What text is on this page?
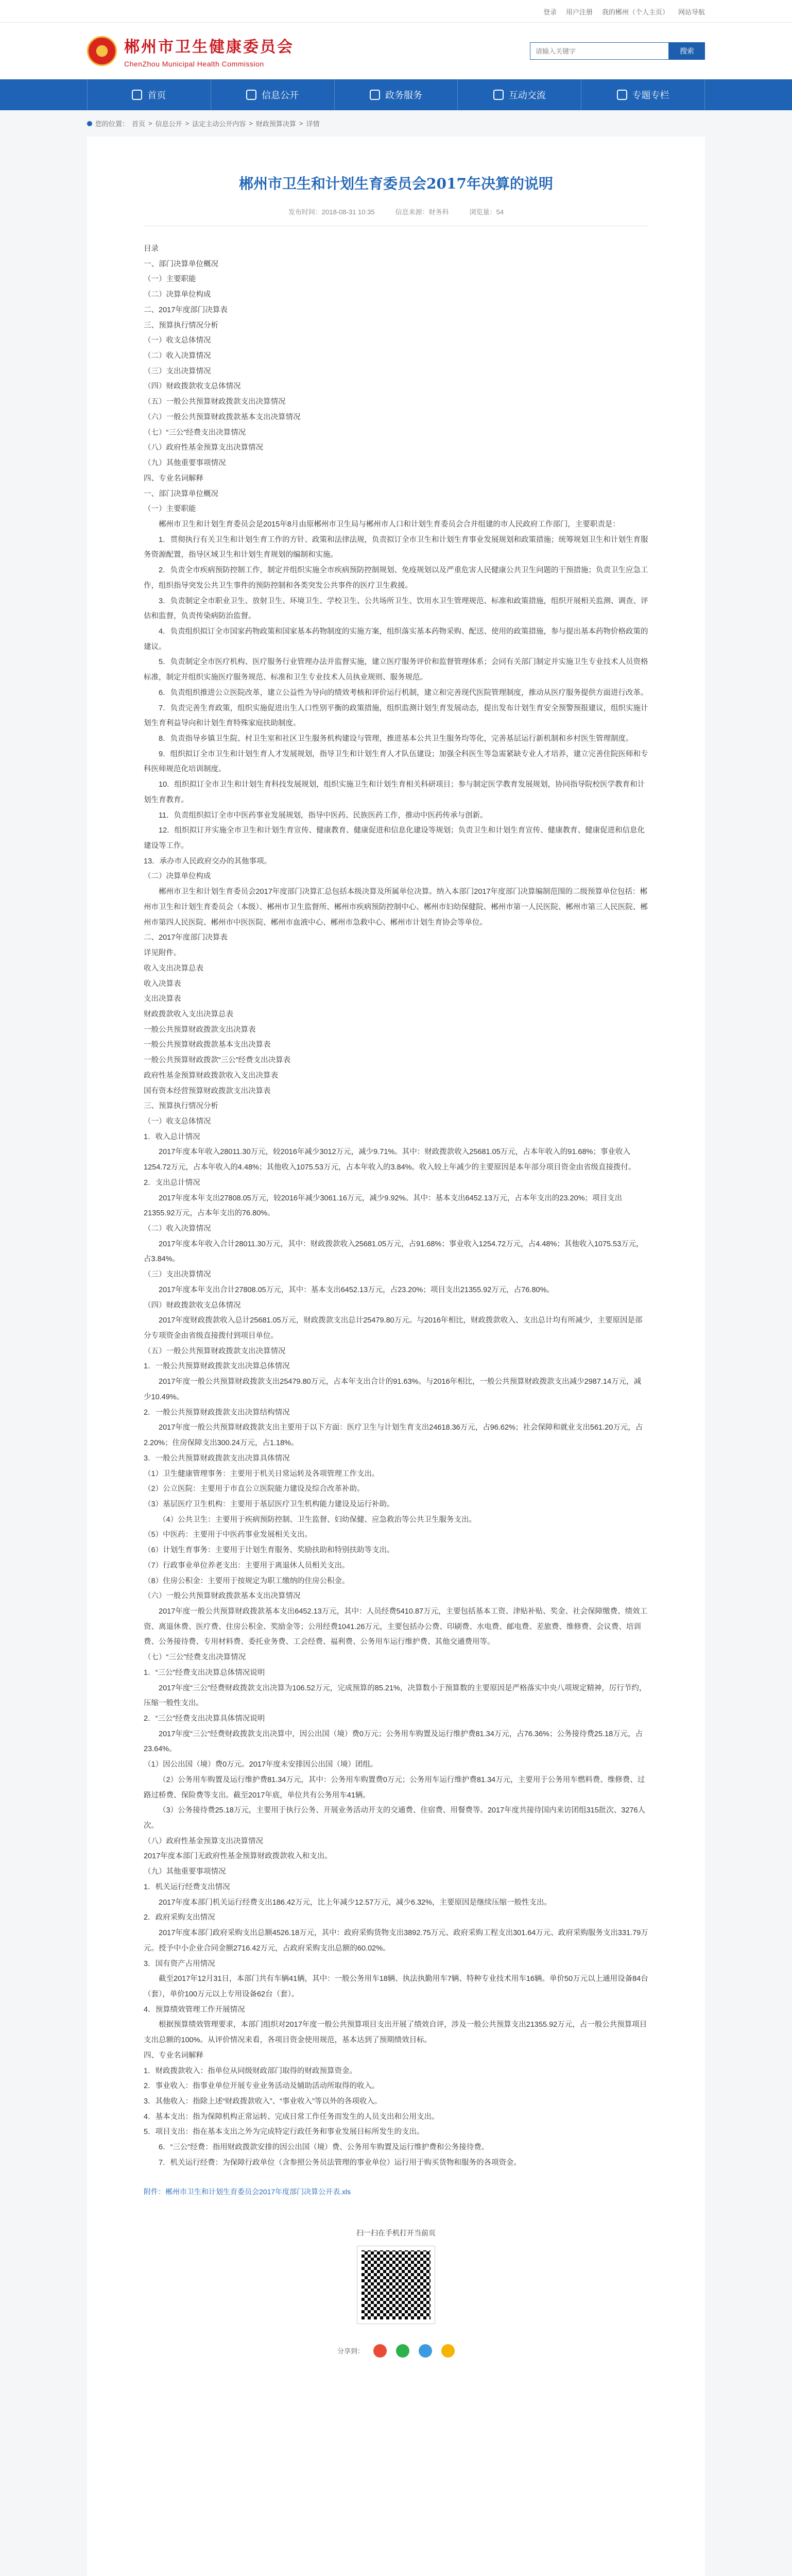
登录 用户注册 我的郴州（个人主页） 网站导航
郴州市卫生健康委员会
ChenZhou Municipal Health Commission
请输入关键字
搜索
首页	信息公开	政务服务	互动交流	专题专栏
您的位置： 首页 > 信息公开 > 法定主动公开内容 > 财政预算决算 > 详情
郴州市卫生和计划生育委员会2017年决算的说明
发布时间：2018-08-31 10:35	信息来源：财务科	浏览量：54

目录

一、部门决算单位概况

（一）主要职能

（二）决算单位构成

二、2017年度部门决算表

三、预算执行情况分析

（一）收支总体情况

（二）收入决算情况

（三）支出决算情况

（四）财政拨款收支总体情况

（五）一般公共预算财政拨款支出决算情况

（六）一般公共预算财政拨款基本支出决算情况

（七）“三公”经费支出决算情况

（八）政府性基金预算支出决算情况

（九）其他重要事项情况

四、专业名词解释

一、部门决算单位概况

（一）主要职能

郴州市卫生和计划生育委员会是2015年8月由原郴州市卫生局与郴州市人口和计划生育委员会合并组建的市人民政府工作部门，主要职责是：

1．贯彻执行有关卫生和计划生育工作的方针、政策和法律法规，负责拟订全市卫生和计划生育事业发展规划和政策措施；统筹规划卫生和计划生育服务资源配置，指导区域卫生和计划生育规划的编制和实施。

2．负责全市疾病预防控制工作，制定并组织实施全市疾病预防控制规划、免疫规划以及严重危害人民健康公共卫生问题的干预措施；负责卫生应急工作，组织指导突发公共卫生事件的预防控制和各类突发公共事件的医疗卫生救援。

3．负责制定全市职业卫生、放射卫生、环境卫生、学校卫生、公共场所卫生、饮用水卫生管理规范、标准和政策措施，组织开展相关监测、调查、评估和监督，负责传染病防治监督。

4．负责组织拟订全市国家药物政策和国家基本药物制度的实施方案，组织落实基本药物采购、配送、使用的政策措施，参与提出基本药物价格政策的建议。

5．负责制定全市医疗机构、医疗服务行业管理办法并监督实施，建立医疗服务评价和监督管理体系；会同有关部门制定并实施卫生专业技术人员资格标准，制定并组织实施医疗服务规范、标准和卫生专业技术人员执业规则、服务规范。

6．负责组织推进公立医院改革，建立公益性为导向的绩效考核和评价运行机制，建立和完善现代医院管理制度，推动从医疗服务提供方面进行改革。

7．负责完善生育政策，组织实施促进出生人口性别平衡的政策措施，组织监测计划生育发展动态，提出发布计划生育安全预警预报建议，组织实施计划生育利益导向和计划生育特殊家庭扶助制度。

8．负责指导乡镇卫生院、村卫生室和社区卫生服务机构建设与管理，推进基本公共卫生服务均等化，完善基层运行新机制和乡村医生管理制度。

9．组织拟订全市卫生和计划生育人才发展规划，指导卫生和计划生育人才队伍建设；加强全科医生等急需紧缺专业人才培养，建立完善住院医师和专科医师规范化培训制度。

10．组织拟订全市卫生和计划生育科技发展规划，组织实施卫生和计划生育相关科研项目；参与制定医学教育发展规划，协同指导院校医学教育和计划生育教育。

11．负责组织拟订全市中医药事业发展规划，指导中医药、民族医药工作，推动中医药传承与创新。

12．组织拟订并实施全市卫生和计划生育宣传、健康教育、健康促进和信息化建设等规划；负责卫生和计划生育宣传、健康教育、健康促进和信息化建设等工作。

13．承办市人民政府交办的其他事项。

（二）决算单位构成

郴州市卫生和计划生育委员会2017年度部门决算汇总包括本级决算及所属单位决算。纳入本部门2017年度部门决算编制范围的二级预算单位包括：郴州市卫生和计划生育委员会（本级）、郴州市卫生监督所、郴州市疾病预防控制中心、郴州市妇幼保健院、郴州市第一人民医院、郴州市第三人民医院、郴州市第四人民医院、郴州市中医医院、郴州市血液中心、郴州市急救中心、郴州市计划生育协会等单位。

二、2017年度部门决算表

详见附件。

收入支出决算总表

收入决算表

支出决算表

财政拨款收入支出决算总表

一般公共预算财政拨款支出决算表

一般公共预算财政拨款基本支出决算表

一般公共预算财政拨款“三公”经费支出决算表

政府性基金预算财政拨款收入支出决算表

国有资本经营预算财政拨款支出决算表

三、预算执行情况分析

（一）收支总体情况

1．收入总计情况

2017年度本年收入28011.30万元，较2016年减少3012万元，减少9.71%。其中：财政拨款收入25681.05万元，占本年收入的91.68%；事业收入1254.72万元，占本年收入的4.48%；其他收入1075.53万元，占本年收入的3.84%。收入较上年减少的主要原因是本年部分项目资金由省级直接拨付。

2．支出总计情况

2017年度本年支出27808.05万元，较2016年减少3061.16万元，减少9.92%。其中：基本支出6452.13万元，占本年支出的23.20%；项目支出21355.92万元，占本年支出的76.80%。

（二）收入决算情况

2017年度本年收入合计28011.30万元，其中：财政拨款收入25681.05万元，占91.68%；事业收入1254.72万元，占4.48%；其他收入1075.53万元，占3.84%。

（三）支出决算情况

2017年度本年支出合计27808.05万元，其中：基本支出6452.13万元，占23.20%；项目支出21355.92万元，占76.80%。

（四）财政拨款收支总体情况

2017年度财政拨款收入总计25681.05万元，财政拨款支出总计25479.80万元。与2016年相比，财政拨款收入、支出总计均有所减少，主要原因是部分专项资金由省级直接拨付到项目单位。

（五）一般公共预算财政拨款支出决算情况

1．一般公共预算财政拨款支出决算总体情况

2017年度一般公共预算财政拨款支出25479.80万元，占本年支出合计的91.63%。与2016年相比，一般公共预算财政拨款支出减少2987.14万元，减少10.49%。

2．一般公共预算财政拨款支出决算结构情况

2017年度一般公共预算财政拨款支出主要用于以下方面：医疗卫生与计划生育支出24618.36万元，占96.62%；社会保障和就业支出561.20万元，占2.20%；住房保障支出300.24万元，占1.18%。

3．一般公共预算财政拨款支出决算具体情况

（1）卫生健康管理事务：主要用于机关日常运转及各项管理工作支出。

（2）公立医院：主要用于市直公立医院能力建设及综合改革补助。

（3）基层医疗卫生机构：主要用于基层医疗卫生机构能力建设及运行补助。

（4）公共卫生：主要用于疾病预防控制、卫生监督、妇幼保健、应急救治等公共卫生服务支出。

（5）中医药：主要用于中医药事业发展相关支出。

（6）计划生育事务：主要用于计划生育服务、奖励扶助和特别扶助等支出。

（7）行政事业单位养老支出：主要用于离退休人员相关支出。

（8）住房公积金：主要用于按规定为职工缴纳的住房公积金。

（六）一般公共预算财政拨款基本支出决算情况

2017年度一般公共预算财政拨款基本支出6452.13万元，其中：人员经费5410.87万元，主要包括基本工资、津贴补贴、奖金、社会保障缴费、绩效工资、离退休费、医疗费、住房公积金、奖励金等；公用经费1041.26万元，主要包括办公费、印刷费、水电费、邮电费、差旅费、维修费、会议费、培训费、公务接待费、专用材料费、委托业务费、工会经费、福利费、公务用车运行维护费、其他交通费用等。

（七）“三公”经费支出决算情况

1．“三公”经费支出决算总体情况说明

2017年度“三公”经费财政拨款支出决算为106.52万元，完成预算的85.21%，决算数小于预算数的主要原因是严格落实中央八项规定精神，厉行节约，压缩一般性支出。

2．“三公”经费支出决算具体情况说明

2017年度“三公”经费财政拨款支出决算中，因公出国（境）费0万元；公务用车购置及运行维护费81.34万元，占76.36%；公务接待费25.18万元，占23.64%。

（1）因公出国（境）费0万元。2017年度未安排因公出国（境）团组。

（2）公务用车购置及运行维护费81.34万元，其中：公务用车购置费0万元；公务用车运行维护费81.34万元，主要用于公务用车燃料费、维修费、过路过桥费、保险费等支出。截至2017年底，单位共有公务用车41辆。

（3）公务接待费25.18万元，主要用于执行公务、开展业务活动开支的交通费、住宿费、用餐费等。2017年度共接待国内来访团组315批次、3276人次。

（八）政府性基金预算支出决算情况

2017年度本部门无政府性基金预算财政拨款收入和支出。

（九）其他重要事项情况

1．机关运行经费支出情况

2017年度本部门机关运行经费支出186.42万元，比上年减少12.57万元，减少6.32%，主要原因是继续压缩一般性支出。

2．政府采购支出情况

2017年度本部门政府采购支出总额4526.18万元，其中：政府采购货物支出3892.75万元、政府采购工程支出301.64万元、政府采购服务支出331.79万元。授予中小企业合同金额2716.42万元，占政府采购支出总额的60.02%。

3．国有资产占用情况

截至2017年12月31日，本部门共有车辆41辆，其中：一般公务用车18辆、执法执勤用车7辆、特种专业技术用车16辆。单价50万元以上通用设备84台（套），单价100万元以上专用设备62台（套）。

4．预算绩效管理工作开展情况

根据预算绩效管理要求，本部门组织对2017年度一般公共预算项目支出开展了绩效自评，涉及一般公共预算支出21355.92万元，占一般公共预算项目支出总额的100%。从评价情况来看，各项目资金使用规范，基本达到了预期绩效目标。

四、专业名词解释

1．财政拨款收入：指单位从同级财政部门取得的财政预算资金。

2．事业收入：指事业单位开展专业业务活动及辅助活动所取得的收入。

3．其他收入：指除上述“财政拨款收入”、“事业收入”等以外的各项收入。

4．基本支出：指为保障机构正常运转、完成日常工作任务而发生的人员支出和公用支出。

5．项目支出：指在基本支出之外为完成特定行政任务和事业发展目标所发生的支出。

6．“三公”经费：指用财政拨款安排的因公出国（境）费、公务用车购置及运行维护费和公务接待费。

7．机关运行经费：为保障行政单位（含参照公务员法管理的事业单位）运行用于购买货物和服务的各项资金。

附件：郴州市卫生和计划生育委员会2017年度部门决算公开表.xls
扫一扫在手机打开当前页
分享到：
